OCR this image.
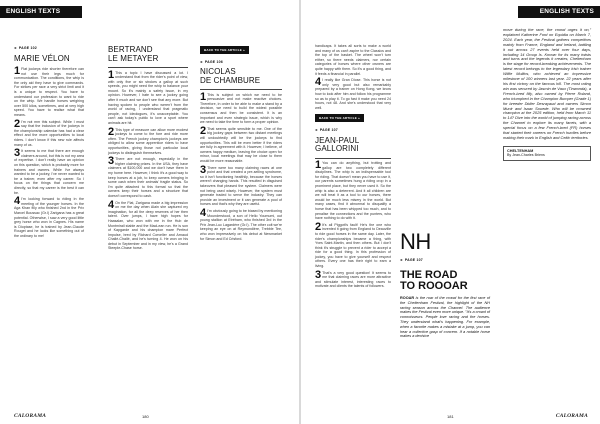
ENGLISH TEXTS
► PAGE 102
MARIE VÉLON

1 Flat jockeys ride shorter therefore can not use their legs much for communication. The conditions, the whip is the only aid they have to give commands. For strikes per race a very strict limit and it is a unique to respect. You have to understand our profession to want to ride on the whip. We handle horses weighing over 500 kilos, sometimes, and at very high speed. You have to realise what that means.

2 I'm not mm this subject. While I must say that the inclusion of the jockeys in the championship calendar has had a clear effect and the more opportunities to local riders. I don't know if this new rule affects many of us.

3 It seems to me that there are enough claimers around, but this is not my area of expertise. I don't really have an opinion on this question, which is probably more for trainers and owners. While I've always wanted to be a jockey, I've never wanted to be a trainer, even after my career. So I focus on the things that concern me directly, so that my career is the best it can be.

4 I'm looking forward to riding in the meeting of the younger horses. In the Aga Khan filly who finished 2nd in the Prix Marcel Boussac (Gr.I) Zarigana has a great potential. Otherwise, I saw a very good little grey horse who won in Cagnes. His name is Dioptase, he is trained by Jean-Claude Rouget and he looks like something out of the ordinary to me!

BERTRAND
LE METAYER

1 This a topic I have discussed a lot. I understand that from the rider's point of view, with only five or six strokes a gallop at such speeds, you might need the whip to balance your mount. So it's mainly a safety issue, in my opinion. However, I hate to see a jockey going after it much and we don't see that any more. But having spoken to people who weren't from the world of racing, I understand that pragmatic people, not ideologues, it's unacceptable. You can't ask today's public to love a sport where animals are hit.

2 This type of measure can allow more modest jockeys to come to the fore and ride more often. The French jockey champion's jockeys are obliged to allow some apprentice riders to have opportunities, giving those not particular local jockeys to distinguish themselves.

3 There are not enough, especially in the higher claiming prizes. In the USA, they have claimers at $100,000 and we don't have them in my home here. However, I think it's a good way to keep horses at a job, to keep owners bringing in some cash when their animals' fragile status. So I'm quite attached to this format so that the owners keep their horses and a structure that doesn't correspond to cash.

4 On the Flat, Zarigana made a big impression on me the day when Alain she captured my imagination, for all the deep reserves of her then talent. Over jumps, I have high hopes for Haasalan, who won with me in the Hub de Montmirail stable and the MacLean run. He is son of Kapgarde and his champion mare Perfect Impulse, bred by Richard Corveller and Arnaud Challé-Challé, and he's turning 4. He won on his debut in September and in my view, he's a Grand Steeple-Chase horse.

BACK TO THE ARTICLE »
► PAGE 106
NICOLAS
DE CHAMBURE

1 This is subject on which we need to be persuasive and not make reactive choices. Therefore, in order to be able to make a stand by a decision, we need to build the widest possible consensus and then be consistent. It is an important and even strategic issue, which is why we need to take the time to form a proper opinion.

2 That seems quite sensible to me. One of the big jockey gaps between two distant meetings will undoubtedly will be the jockeys to find opportunities. This will be even better if the riders are fully in agreement with it. However, I believe, of owners happy medium, leaving the choice open for minor, local meetings that may be close to them would be more reasonable.

3 There were too many claiming races at one point and that created a pre-selling syndrome, so it isn't functioning healthily, because the horses weren't changing hands. This resulted in disguised takeovers that pleased the system. Claimers were not being used wisely. However, the system must generate traded to serve the industry. They can provide an investment or it can generate a pool of horses and that's why they are useful.

4 I'm obviously going to be biased by mentioning Mounderstood, a son of Hello Youmumi, out young stallion at Etréham, who finished 3rd in the Prix Jean-Luc Lagardère (Gr.I). The other colt we're keeping an eye on at Reymondière, Trebble Tee, who won impressively on his debut at Newmarket for Simon and Ed Crisford.

CALORAMA	180
ENGLISH TEXTS

handicaps. It takes all sorts to make a world and many of us can't aspire to the Classics and the top of the basket. The wheel won't turn either, so there needs claimers, nor certain categories of horses where other owners are quite happy with them. So it's a good thing, and it feeds a financial in parallel.

4 I really like Gran Diose. This horse is not only very good but also remarkably prepared by a trainer on Hong Kong, we know how to look after him and follow his programme so as to play it. To go fast it make you need 24 hours, not 48. And she's understood that very well.

BACK TO THE ARTICLE »
► PAGE 107
JEAN-PAUL
GALLORINI

1 You can do anything, but trotting and gallop are two completely different disciplines. The whip is an indispensable tool for riding. That doesn't mean you have to use it, our parents sometimes hung a riding crop in a prominent place, but they never used it. So the whip is also a deterrent. And it all children are we will treat it as a tool to our horses, there would be much less misery in the world. But many cases, find it abnormal to disqualify a horse that has been whipped too much, and to penalise the connections and the punters, who have nothing to do with it.

2 It's all Piggott's fault! He's the one who invented it going from England to Deauville to ride good horses in the same day. Later, the rider's championships became a thing, with Yves Saint-Martin, and then others. But I don't think it's struggle to prevent a rider to accept a ride for a good thing. In this profession of jockey, you have to give yourself and respect others. Every one has their right to earn a living.

3 That's a very good question! It seems to me that claiming races are more attractive and stimulate interest, interesting races to motivate and clients the talents of followers.

NH
► PAGE 107
THE ROAD
TO ROOOAR
ROOAR is the roar of the crowd for the first race of the Cheltenham Festival, the highlight of the NH racing season across the Channel. The audience makes the Festival even more unique. "It's a crowd of connoisseurs. People love racing and the horses. They understand what's happening. For example, when a favorite makes a mistake at a jump, you can hear a collective gasp of concern. If a notable horse makes a decisive
move during the race, the crowd urges it on," explained Katherine Ford on Equidia on March 7, 2024. Each year, the Festival gathers competitors mainly from France, England and Ireland, battling it out across 27 events held over four days, including 14 Group Is. Known for its many twists and turns and the legends it creates, Cheltenham is the stage for record-breaking achievements. The latest record belongs to the legendary Irish trainer Willie Mullins, who achieved an impressive milestone of 100 winners last year. 22 years after his first victory on the famous hill. The most rating win was secured by Jasmin de Vaux (Tinwonda), a French-bred filly, also owned by Pierre Roland, who triumphed in the Champion Bumper (Grade 1) for breeder Didier Desrayaud and owners Simon Munir and Isaac Souede. Who will be crowned champion at the 2025 edition, held from March 11 to 14? Dive into the world of jumping racing across the Channel to explore its many facets, with a special focus on a few French-bred (FR) horses that started their careers on French hurdles before making their mark in English and Celtic territories.
CHELTENHAM
By Jean-Charles Briens
181	CALORAMA
